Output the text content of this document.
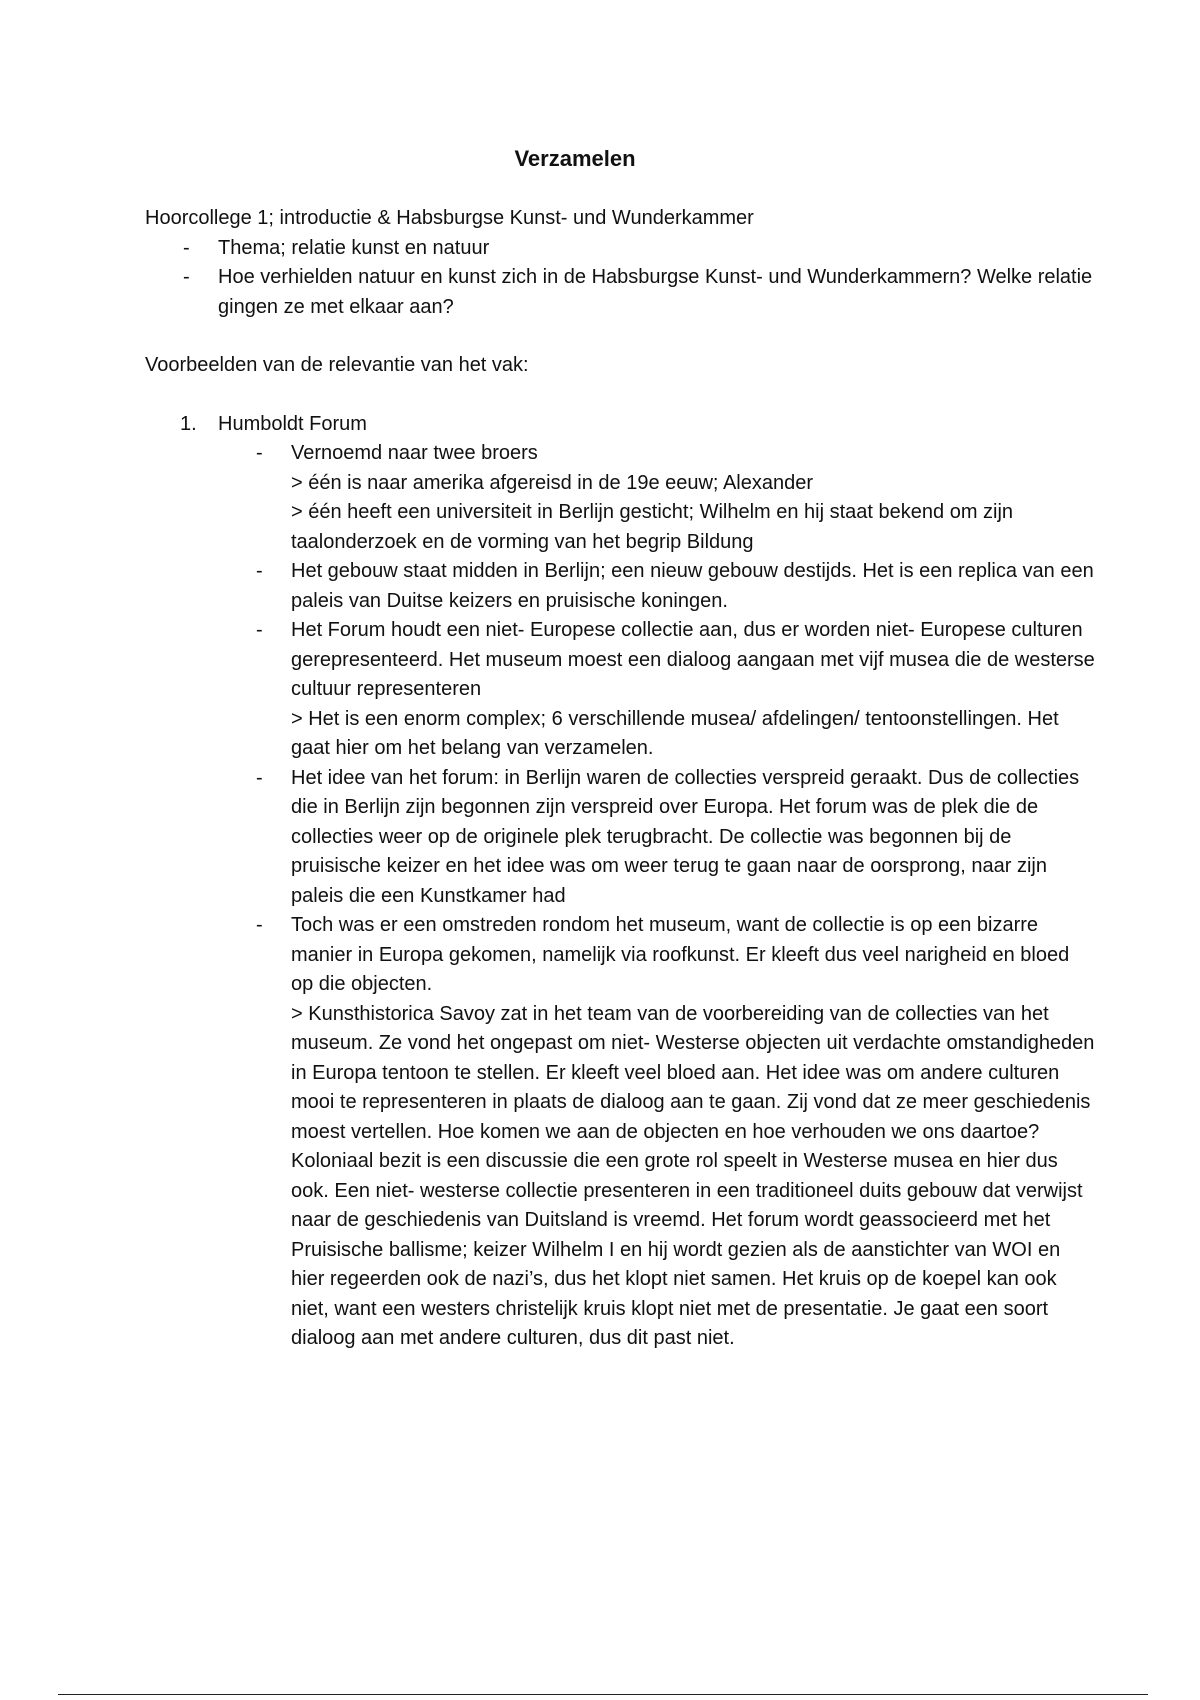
Verzamelen

Hoorcollege 1; introductie & Habsburgse Kunst- und Wunderkammer

- Thema; relatie kunst en natuur
- Hoe verhielden natuur en kunst zich in de Habsburgse Kunst- und Wunderkammern? Welke relatie gingen ze met elkaar aan?

Voorbeelden van de relevantie van het vak:

1. Humboldt Forum
- Vernoemd naar twee broers
> één is naar amerika afgereisd in de 19e eeuw; Alexander
> één heeft een universiteit in Berlijn gesticht; Wilhelm en hij staat bekend om zijn taalonderzoek en de vorming van het begrip Bildung
- Het gebouw staat midden in Berlijn; een nieuw gebouw destijds. Het is een replica van een paleis van Duitse keizers en pruisische koningen.
- Het Forum houdt een niet- Europese collectie aan, dus er worden niet- Europese culturen gerepresenteerd. Het museum moest een dialoog aangaan met vijf musea die de westerse cultuur representeren
> Het is een enorm complex; 6 verschillende musea/ afdelingen/ tentoonstellingen. Het gaat hier om het belang van verzamelen.
- Het idee van het forum: in Berlijn waren de collecties verspreid geraakt. Dus de collecties die in Berlijn zijn begonnen zijn verspreid over Europa. Het forum was de plek die de collecties weer op de originele plek terugbracht. De collectie was begonnen bij de pruisische keizer en het idee was om weer terug te gaan naar de oorsprong, naar zijn paleis die een Kunstkamer had
- Toch was er een omstreden rondom het museum, want de collectie is op een bizarre manier in Europa gekomen, namelijk via roofkunst. Er kleeft dus veel narigheid en bloed op die objecten.
> Kunsthistorica Savoy zat in het team van de voorbereiding van de collecties van het museum. Ze vond het ongepast om niet- Westerse objecten uit verdachte omstandigheden in Europa tentoon te stellen. Er kleeft veel bloed aan. Het idee was om andere culturen mooi te representeren in plaats de dialoog aan te gaan. Zij vond dat ze meer geschiedenis moest vertellen. Hoe komen we aan de objecten en hoe verhouden we ons daartoe? Koloniaal bezit is een discussie die een grote rol speelt in Westerse musea en hier dus ook. Een niet- westerse collectie presenteren in een traditioneel duits gebouw dat verwijst naar de geschiedenis van Duitsland is vreemd. Het forum wordt geassocieerd met het Pruisische ballisme; keizer Wilhelm I en hij wordt gezien als de aanstichter van WOI en hier regeerden ook de nazi’s, dus het klopt niet samen. Het kruis op de koepel kan ook niet, want een westers christelijk kruis klopt niet met de presentatie. Je gaat een soort dialoog aan met andere culturen, dus dit past niet.
